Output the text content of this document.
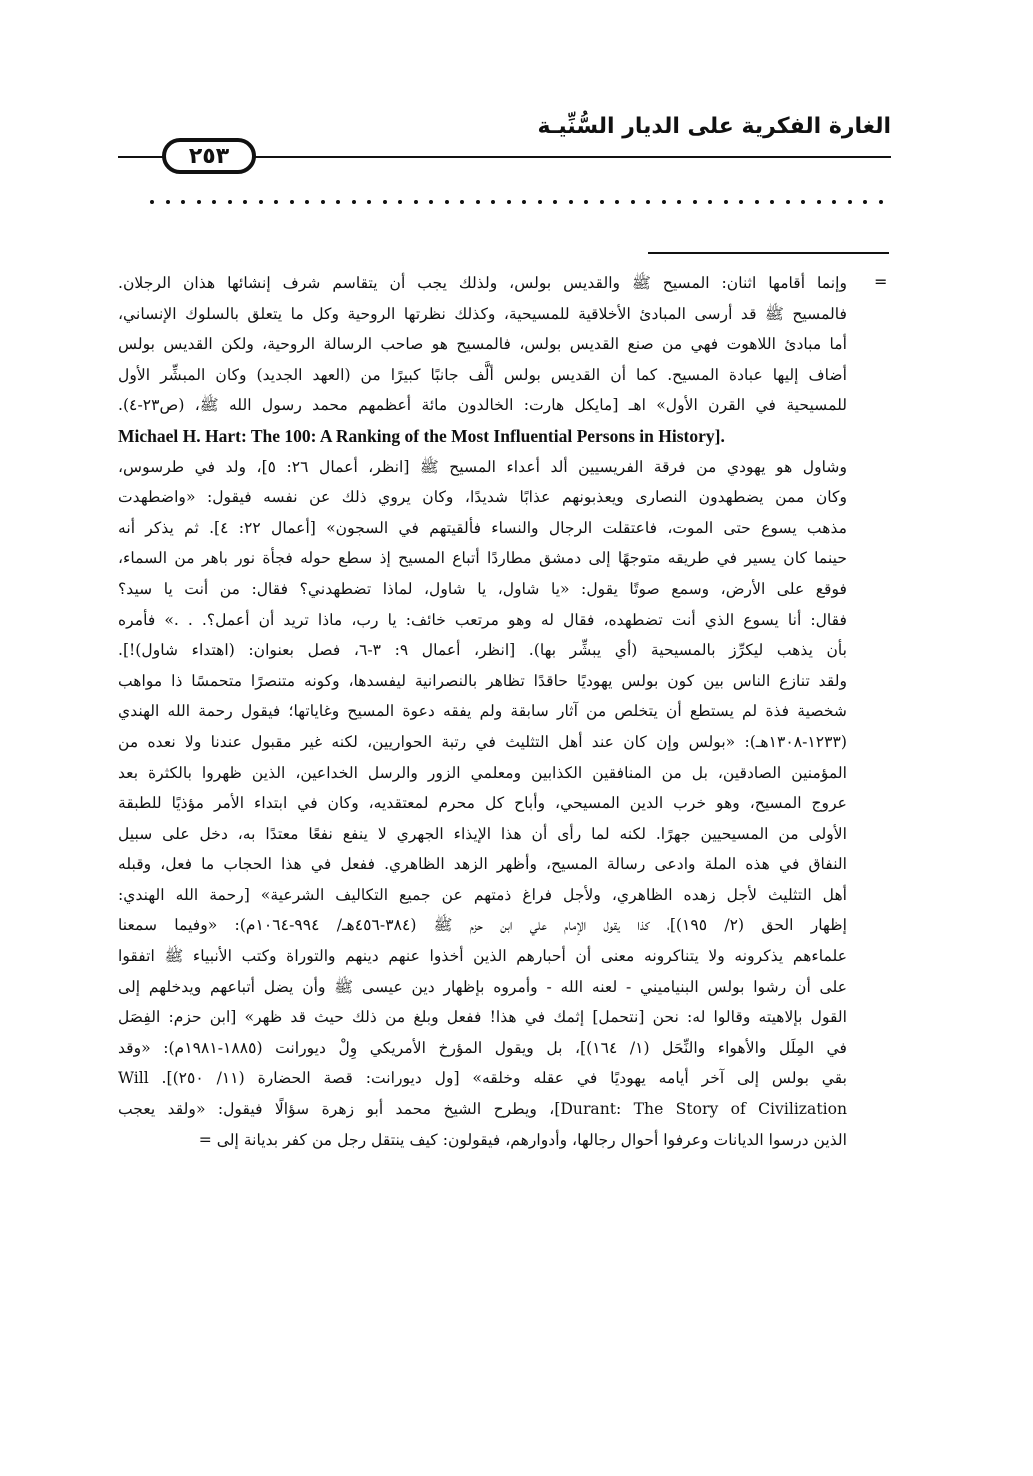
الغارة الفكرية على الديار السُّنِّيـة
٢٥٣
=

وإنما أقامها اثنان: المسيح ﷺ والقديس بولس، ولذلك يجب أن يتقاسم شرف إنشائها هذان الرجلان.

فالمسيح ﷺ قد أرسى المبادئ الأخلاقية للمسيحية، وكذلك نظرتها الروحية وكل ما يتعلق بالسلوك الإنساني،

أما مبادئ اللاهوت فهي من صنع القديس بولس، فالمسيح هو صاحب الرسالة الروحية، ولكن القديس بولس

أضاف إليها عبادة المسيح. كما أن القديس بولس ألَّف جانبًا كبيرًا من (العهد الجديد) وكان المبشِّر الأول

للمسيحية في القرن الأول» اهـ [مايكل هارت: الخالدون مائة أعظمهم محمد رسول الله ﷺ، (ص٢٣-٤).

Michael H. Hart: The 100: A Ranking of the Most Influential Persons in History].

وشاول هو يهودي من فرقة الفريسيين ألد أعداء المسيح ﷺ [انظر، أعمال ٢٦: ٥]، ولد في طرسوس،

وكان ممن يضطهدون النصارى ويعذبونهم عذابًا شديدًا، وكان يروي ذلك عن نفسه فيقول: «واضطهدت

مذهب يسوع حتى الموت، فاعتقلت الرجال والنساء فألقيتهم في السجون» [أعمال ٢٢: ٤]. ثم يذكر أنه

حينما كان يسير في طريقه متوجهًا إلى دمشق مطاردًا أتباع المسيح إذ سطع حوله فجأة نور باهر من السماء،

فوقع على الأرض، وسمع صوتًا يقول: «يا شاول، يا شاول، لماذا تضطهدني؟ فقال: من أنت يا سيد؟

فقال: أنا يسوع الذي أنت تضطهده، فقال له وهو مرتعب خائف: يا رب، ماذا تريد أن أعمل؟. . .» فأمره

بأن يذهب ليكرِّز بالمسيحية (أي يبشِّر بها). [انظر، أعمال ٩: ٣-٦، فصل بعنوان: (اهتداء شاول)!].

ولقد تنازع الناس بين كون بولس يهوديًا حاقدًا تظاهر بالنصرانية ليفسدها، وكونه متنصرًا متحمسًا ذا مواهب

شخصية فذة لم يستطع أن يتخلص من آثار سابقة ولم يفقه دعوة المسيح وغاياتها؛ فيقول رحمة الله الهندي

(١٢٣٣-١٣٠٨هـ): «بولس وإن كان عند أهل التثليث في رتبة الحواريين، لكنه غير مقبول عندنا ولا نعده من

المؤمنين الصادقين، بل من المنافقين الكذابين ومعلمي الزور والرسل الخداعين، الذين ظهروا بالكثرة بعد

عروج المسيح، وهو خرب الدين المسيحي، وأباح كل محرم لمعتقديه، وكان في ابتداء الأمر مؤذيًا للطبقة

الأولى من المسيحيين جهرًا. لكنه لما رأى أن هذا الإيذاء الجهري لا ينفع نفعًا معتدًا به، دخل على سبيل

النفاق في هذه الملة وادعى رسالة المسيح، وأظهر الزهد الظاهري. ففعل في هذا الحجاب ما فعل، وقبله

أهل التثليث لأجل زهده الظاهري، ولأجل فراغ ذمتهم عن جميع التكاليف الشرعية» [رحمة الله الهندي:

إظهار الحق (٢/ ١٩٥)]، كذا يقول الإمام علي ابن حزم ﷺ (٣٨٤-٤٥٦هـ/ ٩٩٤-١٠٦٤م): «وفيما سمعنا

علماءهم يذكرونه ولا يتناكرونه معنى أن أحبارهم الذين أخذوا عنهم دينهم والتوراة وكتب الأنبياء ﷺ اتفقوا

على أن رشوا بولس البنياميني - لعنه الله - وأمروه بإظهار دين عيسى ﷺ وأن يضل أتباعهم ويدخلهم إلى

القول بإلاهيته وقالوا له: نحن [نتحمل] إثمك في هذا! ففعل وبلغ من ذلك حيث قد ظهر» [ابن حزم: الفِصَل

في المِلَل والأهواء والنِّحَل (١/ ١٦٤)]، بل ويقول المؤرخ الأمريكي وِلْ ديورانت (١٨٨٥-١٩٨١م): «وقد

بقي بولس إلى آخر أيامه يهوديًا في عقله وخلقه» [ول ديورانت: قصة الحضارة (١١/ ٢٥٠)]. Will

Durant: The Story of Civilization]، ويطرح الشيخ محمد أبو زهرة سؤالًا فيقول: «ولقد يعجب

الذين درسوا الديانات وعرفوا أحوال رجالها، وأدوارهم، فيقولون: كيف ينتقل رجل من كفر بديانة إلى =
